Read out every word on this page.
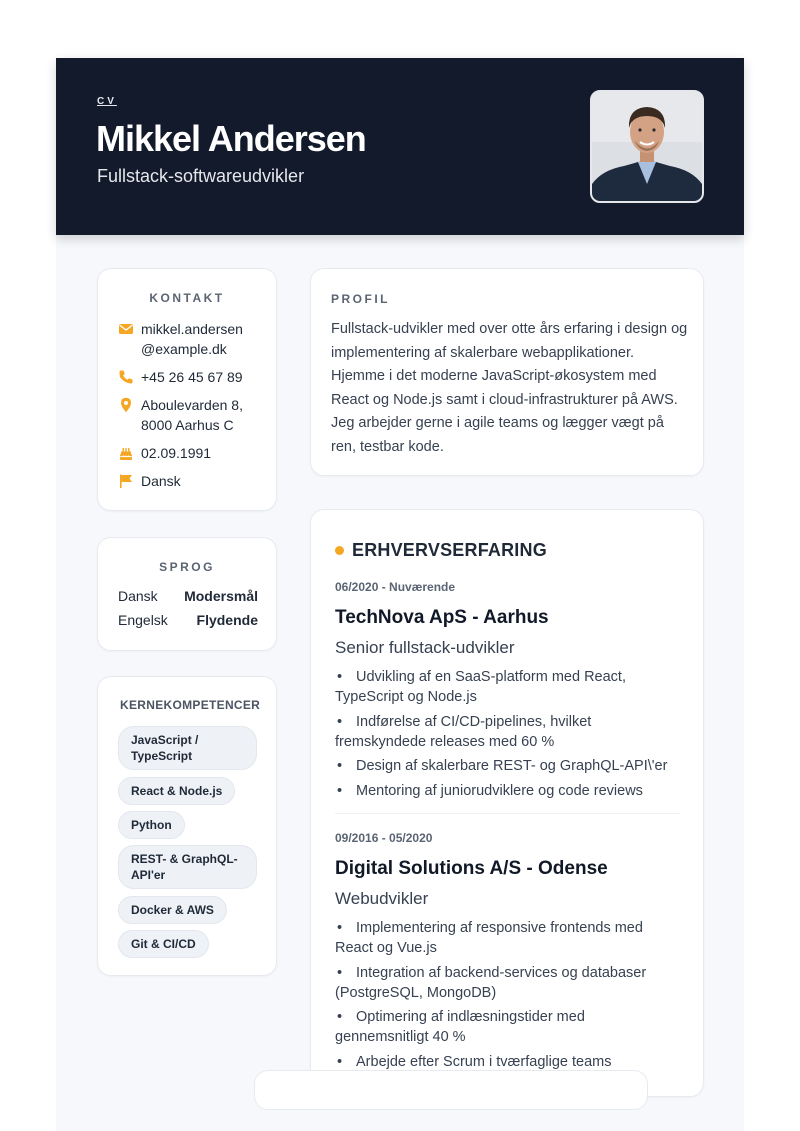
CV
Mikkel Andersen
Fullstack-softwareudvikler
KONTAKT
mikkel.andersen
@example.dk
+45 26 45 67 89
Aboulevarden 8,
8000 Aarhus C
02.09.1991
Dansk
SPROG
Dansk Modersmål
Engelsk Flydende
KERNEKOMPETENCER
JavaScript /
TypeScript
React & Node.js
Python
REST- & GraphQL-
API'er
Docker & AWS
Git & CI/CD
PROFIL
Fullstack-udvikler med over otte års erfaring i design og implementering af skalerbare webapplikationer. Hjemme i det moderne JavaScript-økosystem med React og Node.js samt i cloud-infrastrukturer på AWS. Jeg arbejder gerne i agile teams og lægger vægt på ren, testbar kode.
ERHVERVSERFARING
06/2020 - Nuværende
TechNova ApS - Aarhus
Senior fullstack-udvikler
• Udvikling af en SaaS-platform med React, TypeScript og Node.js
• Indførelse af CI/CD-pipelines, hvilket fremskyndede releases med 60 %
• Design af skalerbare REST- og GraphQL-API\'er
• Mentoring af juniorudviklere og code reviews
09/2016 - 05/2020
Digital Solutions A/S - Odense
Webudvikler
• Implementering af responsive frontends med React og Vue.js
• Integration af backend-services og databaser (PostgreSQL, MongoDB)
• Optimering af indlæsningstider med gennemsnitligt 40 %
• Arbejde efter Scrum i tværfaglige teams
